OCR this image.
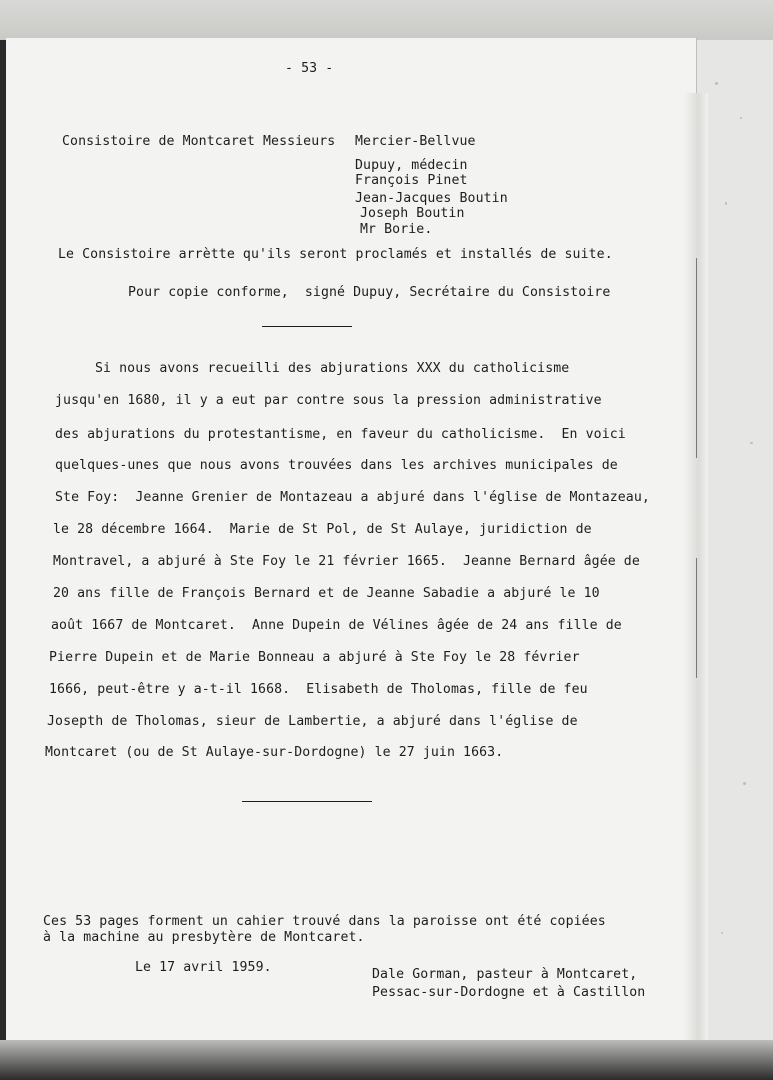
- 53 -
Consistoire de Montcaret Messieurs Mercier-Bellvue
Dupuy, médecin
François Pinet
Jean-Jacques Boutin
Joseph Boutin
Mr Borie.
Le Consistoire arrètte qu'ils seront proclamés et installés de suite.
Pour copie conforme,  signé Dupuy, Secrétaire du Consistoire
Si nous avons recueilli des abjurations XXX du catholicisme
jusqu'en 1680, il y a eut par contre sous la pression administrative
des abjurations du protestantisme, en faveur du catholicisme.  En voici
quelques-unes que nous avons trouvées dans les archives municipales de
Ste Foy:  Jeanne Grenier de Montazeau a abjuré dans l'église de Montazeau,
le 28 décembre 1664.  Marie de St Pol, de St Aulaye, juridiction de
Montravel, a abjuré à Ste Foy le 21 février 1665.  Jeanne Bernard âgée de
20 ans fille de François Bernard et de Jeanne Sabadie a abjuré le 10
août 1667 de Montcaret.  Anne Dupein de Vélines âgée de 24 ans fille de
Pierre Dupein et de Marie Bonneau a abjuré à Ste Foy le 28 février
1666, peut-être y a-t-il 1668.  Elisabeth de Tholomas, fille de feu
Josepth de Tholomas, sieur de Lambertie, a abjuré dans l'église de
Montcaret (ou de St Aulaye-sur-Dordogne) le 27 juin 1663.
Ces 53 pages forment un cahier trouvé dans la paroisse ont été copiées
à la machine au presbytère de Montcaret.
Le 17 avril 1959.	Dale Gorman, pasteur à Montcaret,
Pessac-sur-Dordogne et à Castillon
